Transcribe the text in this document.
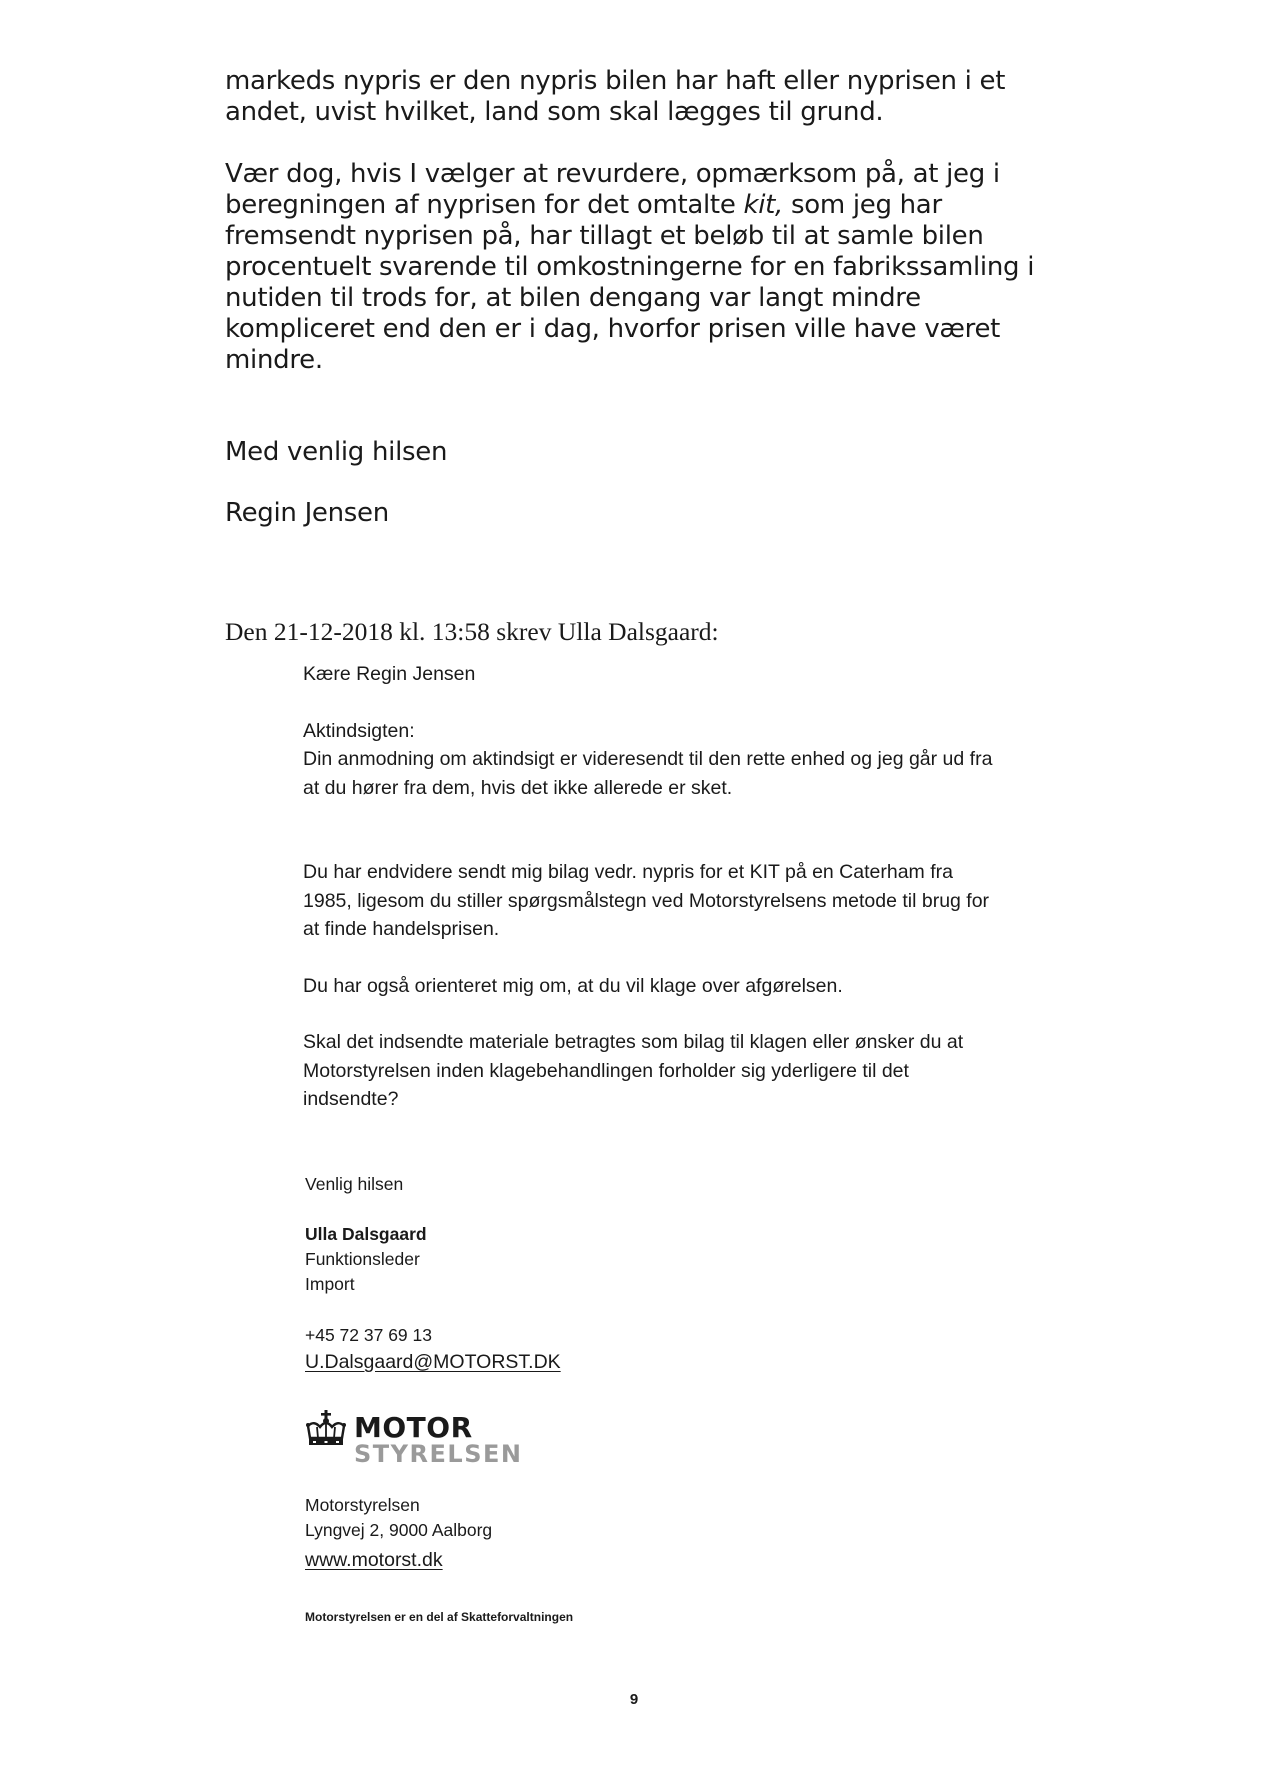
markeds nypris er den nypris bilen har haft eller nyprisen i et andet, uvist hvilket, land som skal lægges til grund.

Vær dog, hvis I vælger at revurdere, opmærksom på, at jeg i beregningen af nyprisen for det omtalte kit, som jeg har fremsendt nyprisen på, har tillagt et beløb til at samle bilen procentuelt svarende til omkostningerne for en fabrikssamling i nutiden til trods for, at bilen dengang var langt mindre kompliceret end den er i dag, hvorfor prisen ville have været mindre.

Med venlig hilsen
Regin Jensen
Den 21-12-2018 kl. 13:58 skrev Ulla Dalsgaard:

Kære Regin Jensen

Aktindsigten:

Din anmodning om aktindsigt er videresendt til den rette enhed og jeg går ud fra at du hører fra dem, hvis det ikke allerede er sket.

Du har endvidere sendt mig bilag vedr. nypris for et KIT på en Caterham fra 1985, ligesom du stiller spørgsmålstegn ved Motorstyrelsens metode til brug for at finde handelsprisen.

Du har også orienteret mig om, at du vil klage over afgørelsen.

Skal det indsendte materiale betragtes som bilag til klagen eller ønsker du at Motorstyrelsen inden klagebehandlingen forholder sig yderligere til det indsendte?

Venlig hilsen
Ulla Dalsgaard
Funktionsleder
Import
+45 72 37 69 13
U.Dalsgaard@MOTORST.DK
MOTOR
STYRELSEN
Motorstyrelsen
Lyngvej 2, 9000 Aalborg
www.motorst.dk
Motorstyrelsen er en del af Skatteforvaltningen
9
